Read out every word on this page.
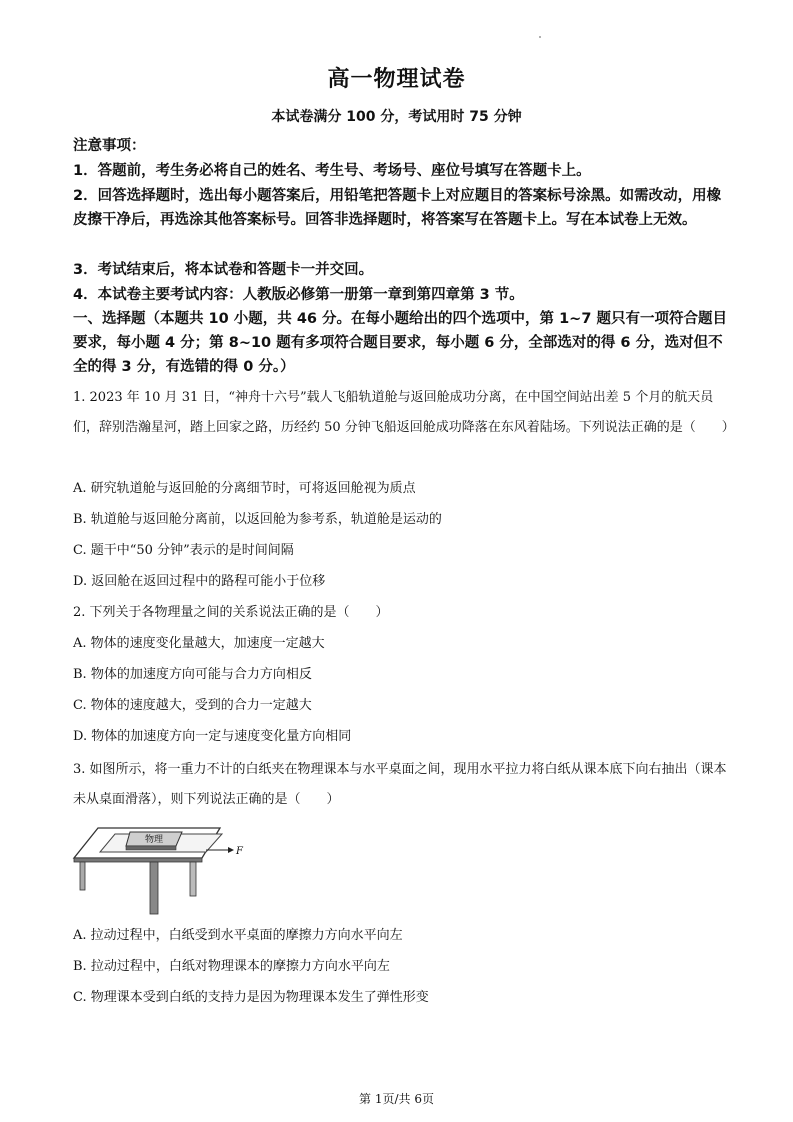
高一物理试卷
本试卷满分 100 分，考试用时 75 分钟
注意事项：
1．答题前，考生务必将自己的姓名、考生号、考场号、座位号填写在答题卡上。
2．回答选择题时，选出每小题答案后，用铅笔把答题卡上对应题目的答案标号涂黑。如需改动，用橡皮擦干净后，再选涂其他答案标号。回答非选择题时，将答案写在答题卡上。写在本试卷上无效。
3．考试结束后，将本试卷和答题卡一并交回。
4．本试卷主要考试内容：人教版必修第一册第一章到第四章第 3 节。
一、选择题（本题共 10 小题，共 46 分。在每小题给出的四个选项中，第 1~7 题只有一项符合题目要求，每小题 4 分；第 8~10 题有多项符合题目要求，每小题 6 分，全部选对的得 6 分，选对但不全的得 3 分，有选错的得 0 分。）
1. 2023 年 10 月 31 日，“神舟十六号”载人飞船轨道舱与返回舱成功分离，在中国空间站出差 5 个月的航天员们，辞别浩瀚星河，踏上回家之路，历经约 50 分钟飞船返回舱成功降落在东风着陆场。下列说法正确的是（　　）
A. 研究轨道舱与返回舱的分离细节时，可将返回舱视为质点
B. 轨道舱与返回舱分离前，以返回舱为参考系，轨道舱是运动的
C. 题干中“50 分钟”表示的是时间间隔
D. 返回舱在返回过程中的路程可能小于位移
2. 下列关于各物理量之间的关系说法正确的是（　　）
A. 物体的速度变化量越大，加速度一定越大
B. 物体的加速度方向可能与合力方向相反
C. 物体的速度越大，受到的合力一定越大
D. 物体的加速度方向一定与速度变化量方向相同
3. 如图所示，将一重力不计的白纸夹在物理课本与水平桌面之间，现用水平拉力将白纸从课本底下向右抽出（课本未从桌面滑落），则下列说法正确的是（　　）
物理
F
A. 拉动过程中，白纸受到水平桌面的摩擦力方向水平向左
B. 拉动过程中，白纸对物理课本的摩擦力方向水平向左
C. 物理课本受到白纸的支持力是因为物理课本发生了弹性形变
第 1页/共 6页
